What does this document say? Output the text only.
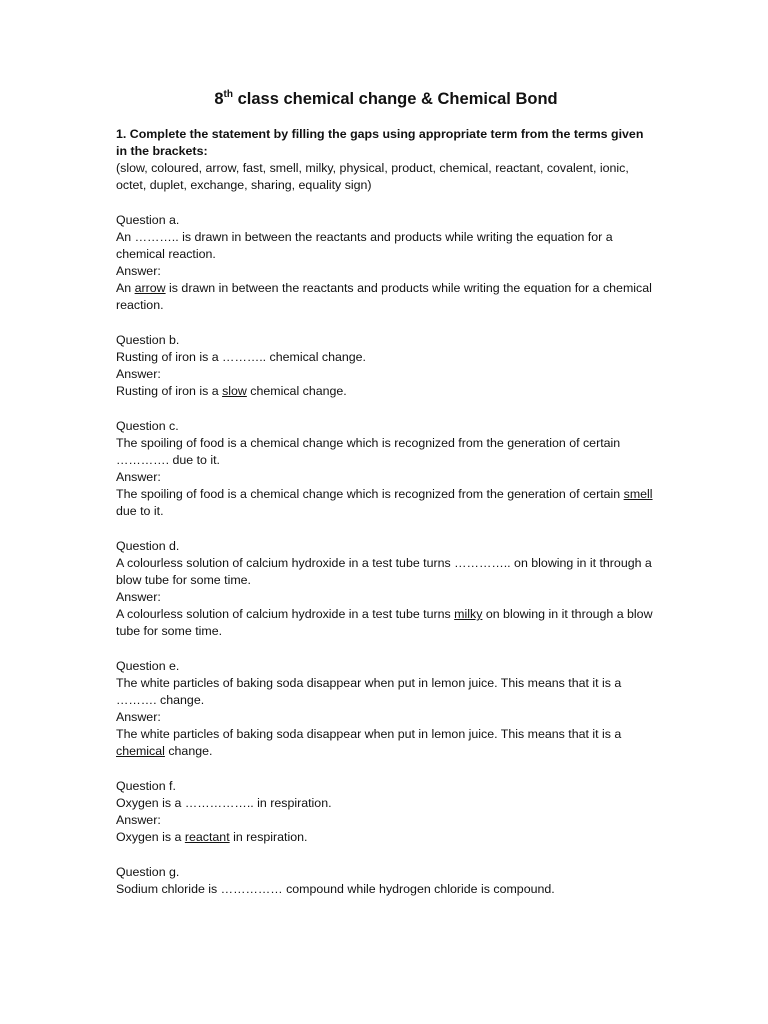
8th class chemical change & Chemical Bond
1. Complete the statement by filling the gaps using appropriate term from the terms given in the brackets:
(slow, coloured, arrow, fast, smell, milky, physical, product, chemical, reactant, covalent, ionic, octet, duplet, exchange, sharing, equality sign)
Question a.
An ……….. is drawn in between the reactants and products while writing the equation for a chemical reaction.
Answer:
An arrow is drawn in between the reactants and products while writing the equation for a chemical reaction.
Question b.
Rusting of iron is a ……….. chemical change.
Answer:
Rusting of iron is a slow chemical change.
Question c.
The spoiling of food is a chemical change which is recognized from the generation of certain …………. due to it.
Answer:
The spoiling of food is a chemical change which is recognized from the generation of certain smell due to it.
Question d.
A colourless solution of calcium hydroxide in a test tube turns ………….. on blowing in it through a blow tube for some time.
Answer:
A colourless solution of calcium hydroxide in a test tube turns milky on blowing in it through a blow tube for some time.
Question e.
The white particles of baking soda disappear when put in lemon juice. This means that it is a ………. change.
Answer:
The white particles of baking soda disappear when put in lemon juice. This means that it is a chemical change.
Question f.
Oxygen is a …………….. in respiration.
Answer:
Oxygen is a reactant in respiration.
Question g.
Sodium chloride is …………… compound while hydrogen chloride is compound.
